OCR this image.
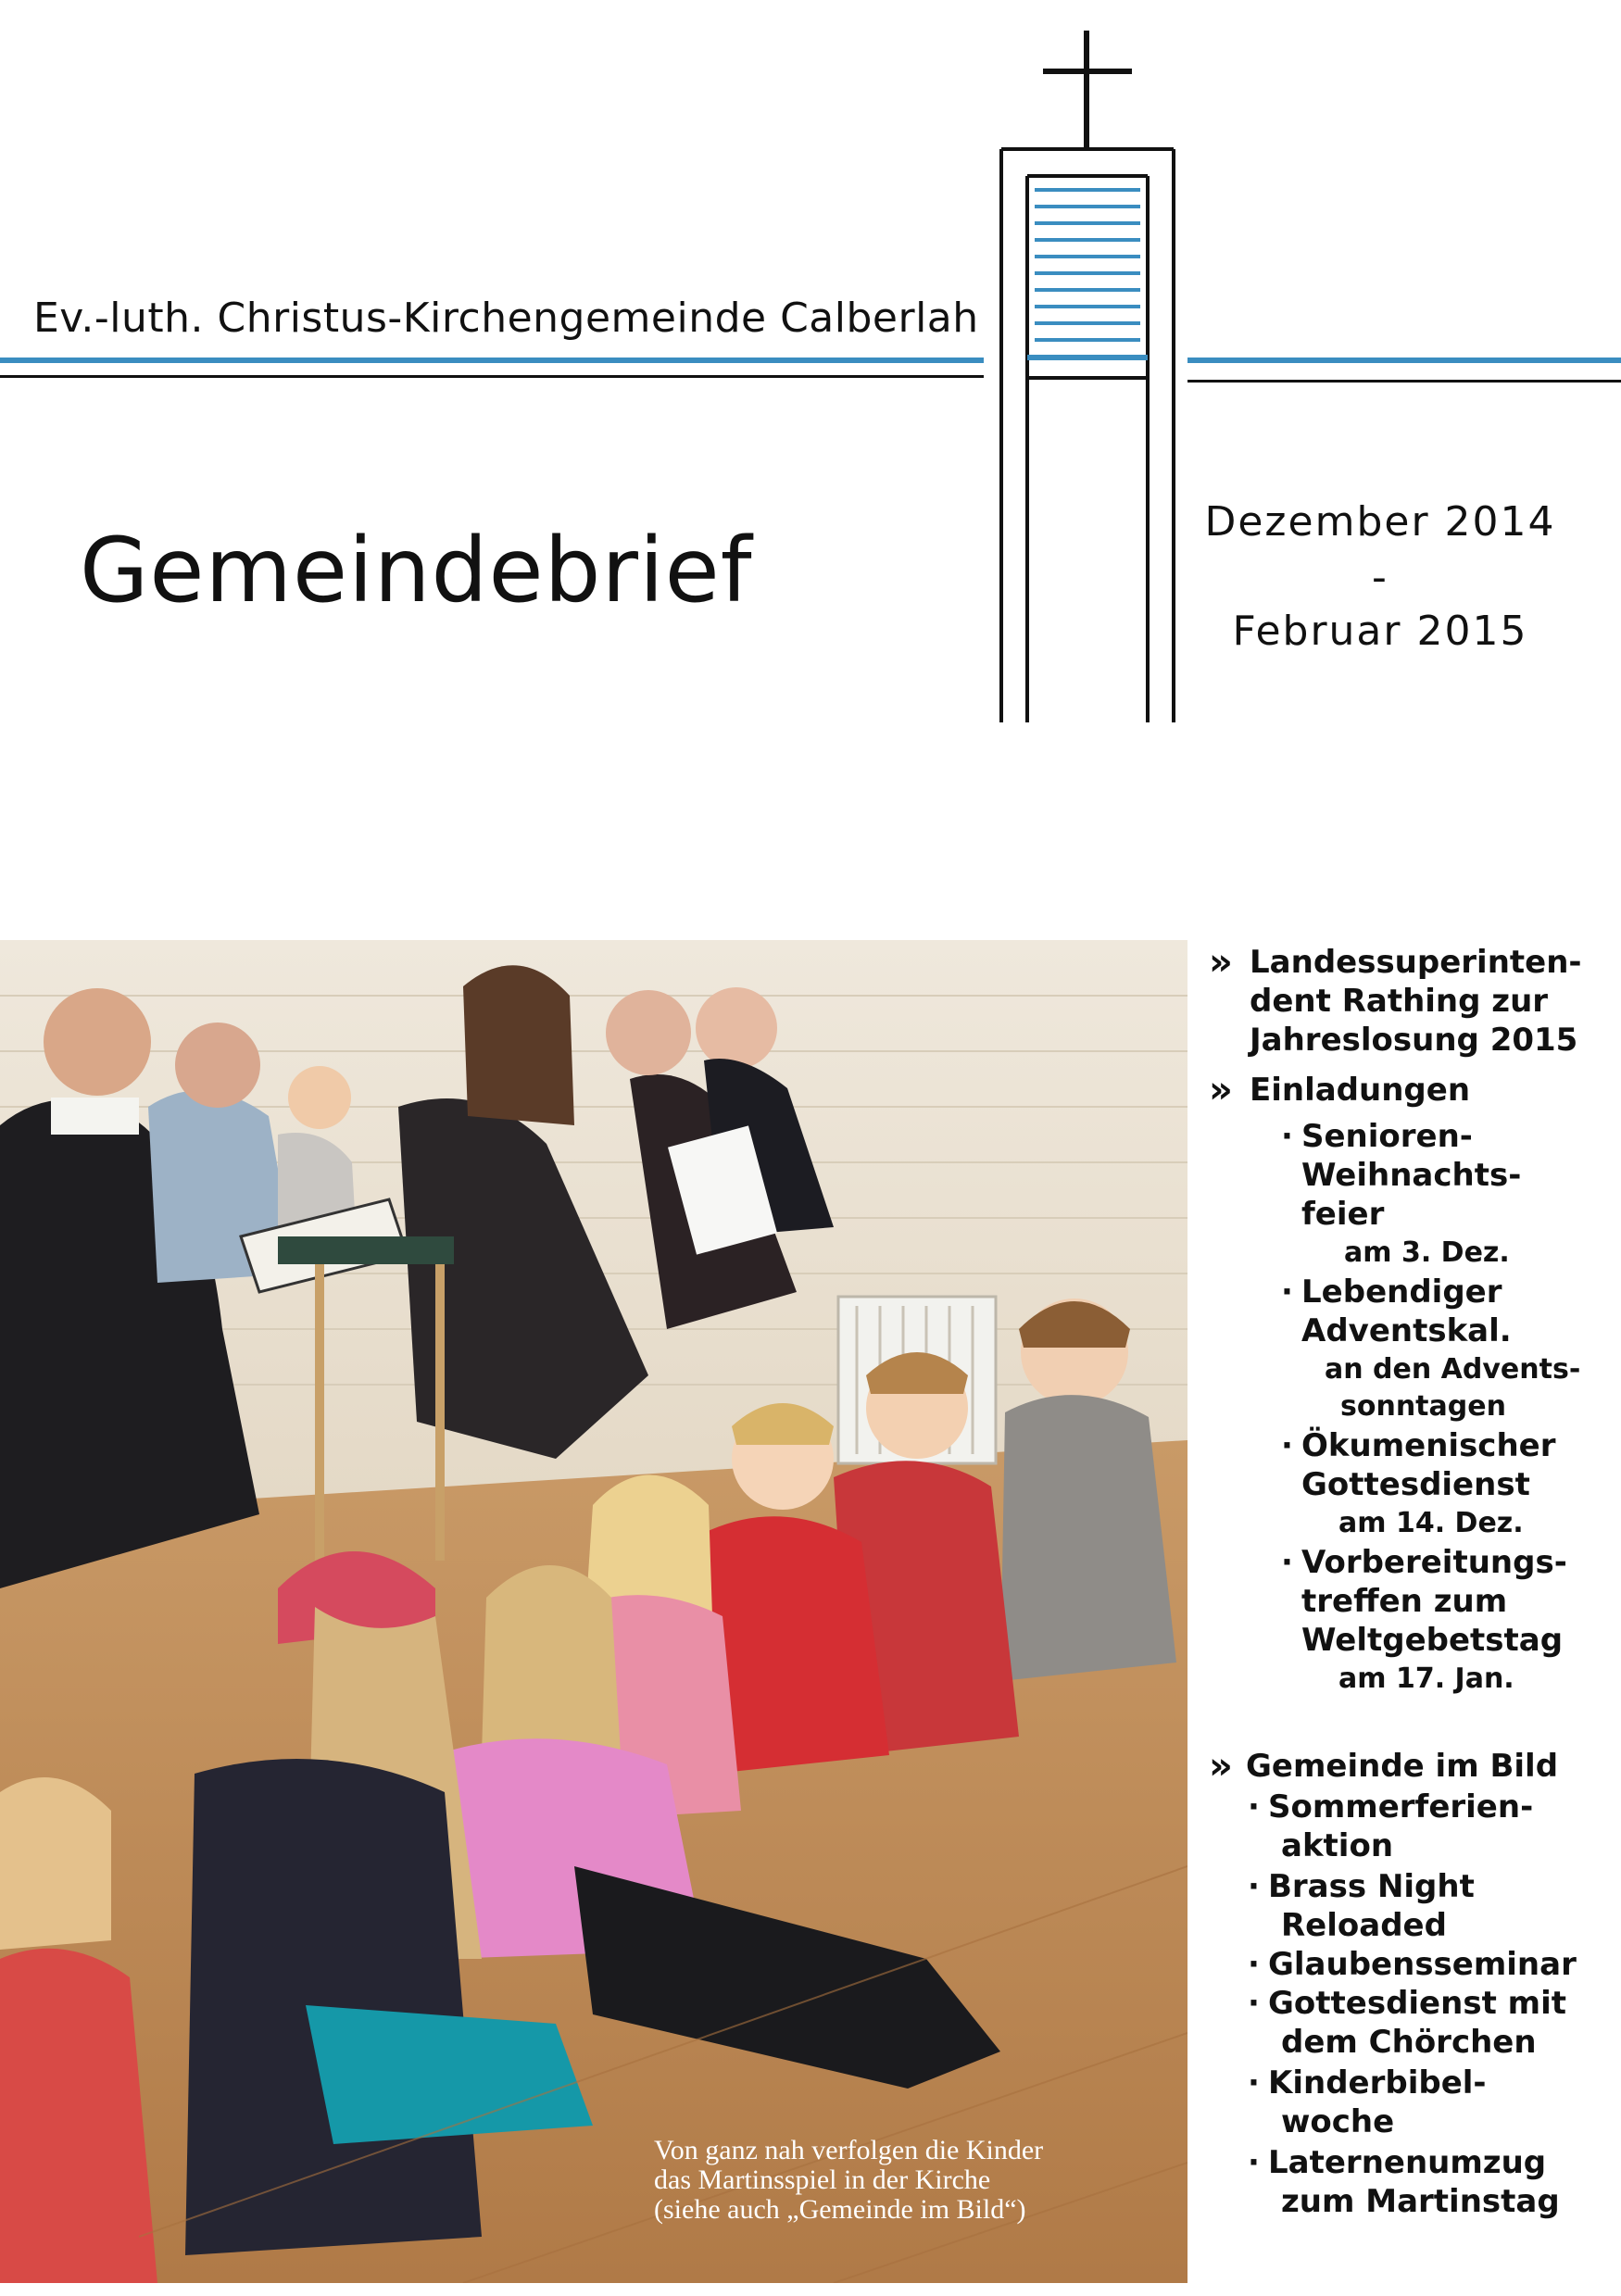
Ev.-luth. Christus-Kirchengemeinde Calberlah
Gemeindebrief	Dezember 2014
-
Februar 2015
Von ganz nah verfolgen die Kinder
das Martinsspiel in der Kirche
(siehe auch „Gemeinde im Bild“)
» Landessuperinten-
dent Rathing zur
Jahreslosung 2015
» Einladungen
· Senioren-
Weihnachts-
feier
am 3. Dez.
· Lebendiger
Adventskal.
an den Advents-
sonntagen
· Ökumenischer
Gottesdienst
am 14. Dez.
· Vorbereitungs-
treffen zum
Weltgebetstag
am 17. Jan.
» Gemeinde im Bild
· Sommerferien-
aktion
· Brass Night
Reloaded
· Glaubensseminar
· Gottesdienst mit
dem Chörchen
· Kinderbibel-
woche
· Laternenumzug
zum Martinstag
